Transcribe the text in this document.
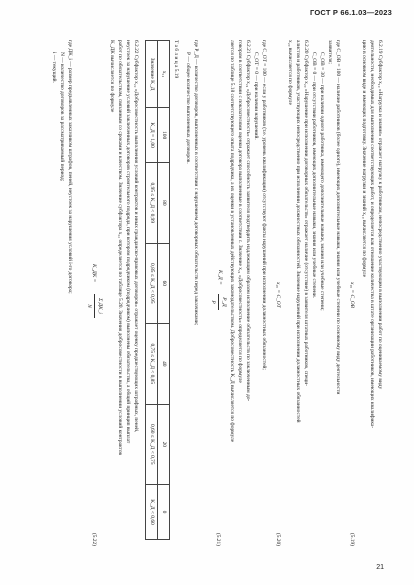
ГОСТ Р 66.1.03—2023
6.2.19 Субфактор x₁₉ «Нагрузка и знания» отражает нагрузку к работникам, непосредственно участвующим в выполнении работ по оцениваемому виду
деятельности, необходимых для выполнения соответствующих работ, и определяется как отношение количества в штате организации работников, имеющих квалифика-
цию в основном виде и имеющих подготовку. Значение нагрузки и знаний x₁₉ вычисляется по формуле
x₁₉ = C_ОВ
(5.19)
где C_ОВ = 100 — наличие работников (более одного), имеющих дополнительные навыки, знания или учебные степени по основному виду деятельности
заявителя;
C_ОВ = 30 — при наличии одного работника, имеющего дополнительные навыки, знания или учебные степени;
C_ОВ = 0 — при отсутствии работников, имеющих дополнительные навыки, знания или учебные степени.
6.2.20 Субфактор x₂₀ «Нарушение при исполнении договорных обязательств» отражает наличие (отсутствие) в заявителя штатных работников, специ-
алистов и работников, участвующих непосредственно при исполнении должностных обязанностей. Значение нарушений при исполнении должностных обязанностей
x₂₀ вычисляется по формуле
x₂₀ = C_ОТ
(5.20)
где C_ОТ = 100 — если у работников (т.е. уровень квалификации) отсутствуют факты нарушений при исполнении должностных обязанностей;
C_ОТ = 0 — при наличии нарушений.
6.2.21 Субфактор x₂₁ «Добросовестность» отражает способность заявителя подтвердить надлежащим образом исполнение обязательств по заключенным до-
говорам в соответствии с показателями оценки договора выполненные в соответствии с. Значение x₂₁ «Добросовестность» определяется по формуле
ляется по таблице 5.18 соответствующего опыта подрядчика, а их оценки в установленных действующих законодательством. Добросовестность K_Д вычисляется по формуле
K_Д =
Р_Д
Р
(5.21)
где Р_Д — количество договоров, выполненных в соответствии с нарушением договорных обязательств перед заказчиками;
Р — общее количество выполненных договоров.
Т а б л и ц а 5.19
x₂₁	100	80	60	40	20	0
Значение K_Д	K_Д = 1,00	0,95 ≤ K_Д < 0,99	0,85 ≤ K_Д < 0,95	0,75 ≤ K_Д < 0,85	0,60 ≤ K_Д < 0,75	K_Д < 0,60
6.2.22 Субфактор x₂₂ «Добросовестность выполнения условий контрактов и иных гражданско-правовых договоров» отражает оценку предшествующих штрафных, пеней,
неустоек за нарушение условий заключенных договоров строительного подряда, при котором подрядчиком (подрядчиком) выполнены обязательства, а общий принцип выплат
работ по обязательствам, связанным со сроками и качеством. Значение субфактора x₂₂ определяется по таблице 5.20. Значения добросовестности в выполнении условий контрактов
K_ДК вычисляется по формуле
K_ДК =
Σ ДК_i
N
(5.22)
где ДК_i — размер предъявленных заказчиком штрафов, пеней, неустоек за нарушения условий i-го договора;
N — количество договоров за рассматриваемый период;
i — текущий.
21
